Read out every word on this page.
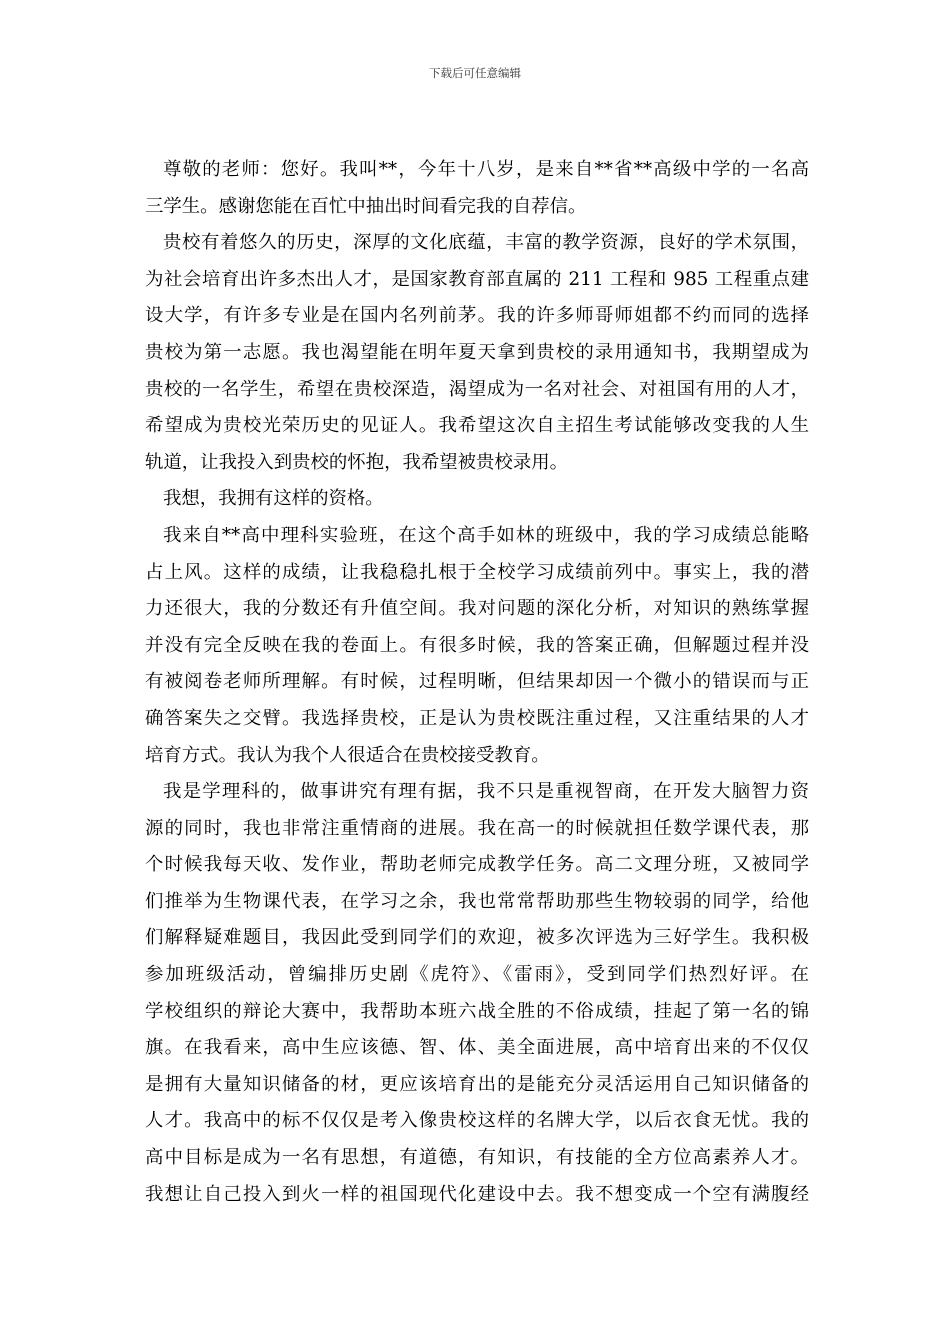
下载后可任意编辑
尊敬的老师：您好。我叫**，今年十八岁，是来自**省**高级中学的一名高
三学生。感谢您能在百忙中抽出时间看完我的自荐信。
贵校有着悠久的历史，深厚的文化底蕴，丰富的教学资源，良好的学术氛围，
为社会培育出许多杰出人才，是国家教育部直属的 211 工程和 985 工程重点建
设大学，有许多专业是在国内名列前茅。我的许多师哥师姐都不约而同的选择
贵校为第一志愿。我也渴望能在明年夏天拿到贵校的录用通知书，我期望成为
贵校的一名学生，希望在贵校深造，渴望成为一名对社会、对祖国有用的人才，
希望成为贵校光荣历史的见证人。我希望这次自主招生考试能够改变我的人生
轨道，让我投入到贵校的怀抱，我希望被贵校录用。
我想，我拥有这样的资格。
我来自**高中理科实验班，在这个高手如林的班级中，我的学习成绩总能略
占上风。这样的成绩，让我稳稳扎根于全校学习成绩前列中。事实上，我的潜
力还很大，我的分数还有升值空间。我对问题的深化分析，对知识的熟练掌握
并没有完全反映在我的卷面上。有很多时候，我的答案正确，但解题过程并没
有被阅卷老师所理解。有时候，过程明晰，但结果却因一个微小的错误而与正
确答案失之交臂。我选择贵校，正是认为贵校既注重过程，又注重结果的人才
培育方式。我认为我个人很适合在贵校接受教育。
我是学理科的，做事讲究有理有据，我不只是重视智商，在开发大脑智力资
源的同时，我也非常注重情商的进展。我在高一的时候就担任数学课代表，那
个时候我每天收、发作业，帮助老师完成教学任务。高二文理分班，又被同学
们推举为生物课代表，在学习之余，我也常常帮助那些生物较弱的同学，给他
们解释疑难题目，我因此受到同学们的欢迎，被多次评选为三好学生。我积极
参加班级活动，曾编排历史剧《虎符》、《雷雨》，受到同学们热烈好评。在
学校组织的辩论大赛中，我帮助本班六战全胜的不俗成绩，挂起了第一名的锦
旗。在我看来，高中生应该德、智、体、美全面进展，高中培育出来的不仅仅
是拥有大量知识储备的材，更应该培育出的是能充分灵活运用自己知识储备的
人才。我高中的标不仅仅是考入像贵校这样的名牌大学，以后衣食无忧。我的
高中目标是成为一名有思想，有道德，有知识，有技能的全方位高素养人才。
我想让自己投入到火一样的祖国现代化建设中去。我不想变成一个空有满腹经
